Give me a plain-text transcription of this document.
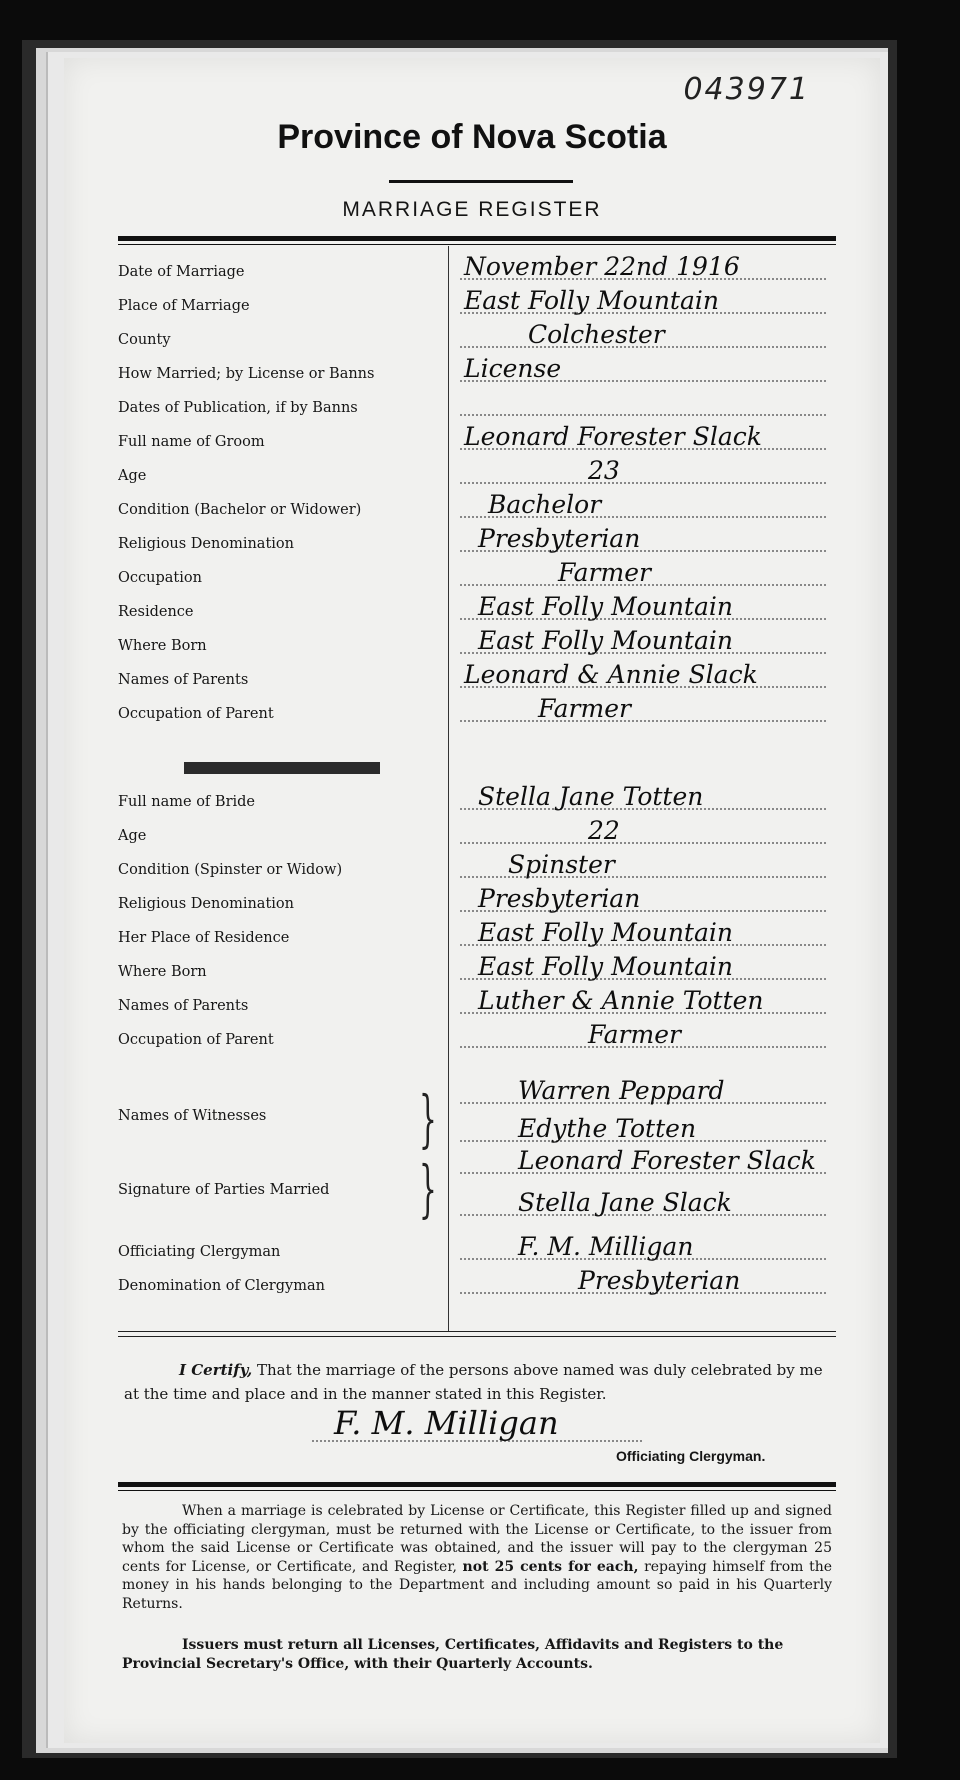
043971
Province of Nova Scotia
MARRIAGE REGISTER
Date of Marriage	November 22nd 1916
Place of Marriage	East Folly Mountain
County	Colchester
How Married; by License or Banns	License
Dates of Publication, if by Banns
Full name of Groom	Leonard Forester Slack
Age	23
Condition (Bachelor or Widower)	Bachelor
Religious Denomination	Presbyterian
Occupation	Farmer
Residence	East Folly Mountain
Where Born	East Folly Mountain
Names of Parents	Leonard & Annie Slack
Occupation of Parent	Farmer
Full name of Bride	Stella Jane Totten
Age	22
Condition (Spinster or Widow)	Spinster
Religious Denomination	Presbyterian
Her Place of Residence	East Folly Mountain
Where Born	East Folly Mountain
Names of Parents	Luther & Annie Totten
Occupation of Parent	Farmer
Names of Witnesses
Warren Peppard
Edythe Totten
}
Signature of Parties Married
Leonard Forester Slack
Stella Jane Slack
}
Officiating Clergyman	F. M. Milligan
Denomination of Clergyman	Presbyterian
I Certify, That the marriage of the persons above named was duly celebrated by me at the time and place and in the manner stated in this Register.
F. M. Milligan
Officiating Clergyman.
When a marriage is celebrated by License or Certificate, this Register filled up and signed by the officiating clergyman, must be returned with the License or Certificate, to the issuer from whom the said License or Certificate was obtained, and the issuer will pay to the clergyman 25 cents for License, or Certificate, and Register, not 25 cents for each, repaying himself from the money in his hands belonging to the Department and including amount so paid in his Quarterly Returns.
Issuers must return all Licenses, Certificates, Affidavits and Registers to the Provincial Secretary's Office, with their Quarterly Accounts.
